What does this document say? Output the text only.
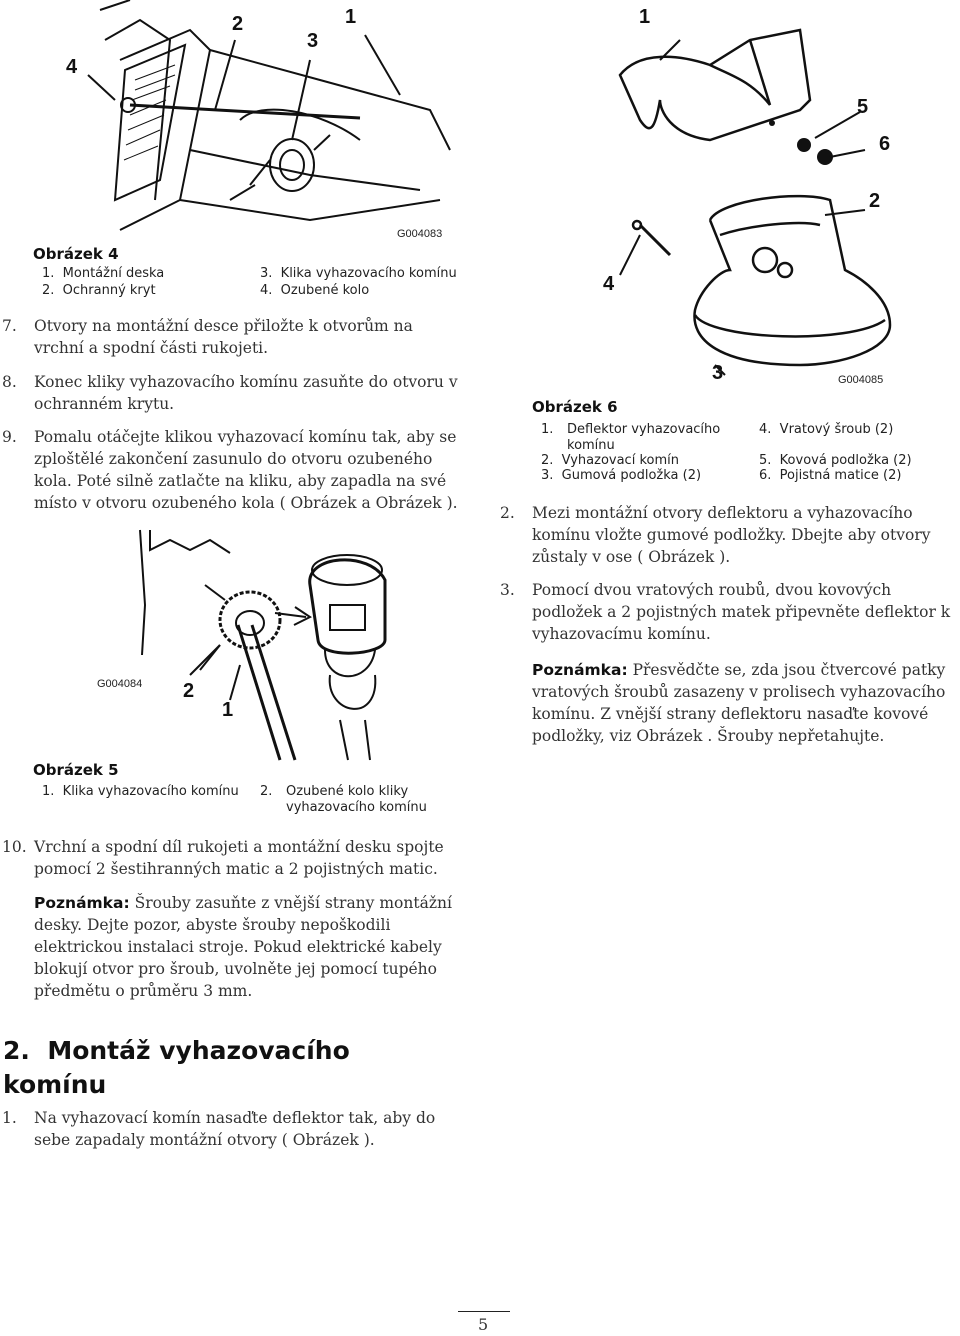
4
2
3
1
G004083
Obrázek 4
1. Montážní deska
2. Ochranný kryt
3. Klika vyhazovacího komínu
4. Ozubené kolo
7. Otvory na montážní desce přiložte k otvorům na vrchní a spodní části rukojeti.
8. Konec kliky vyhazovacího komínu zasuňte do otvoru v ochranném krytu.
9. Pomalu otáčejte klikou vyhazovací komínu tak, aby se zploštělé zakončení zasunulo do otvoru ozubeného kola. Poté silně zatlačte na kliku, aby zapadla na své místo v otvoru ozubeného kola ( Obrázek a Obrázek ).
G004084 2
1
Obrázek 5
1. Klika vyhazovacího komínu 2. Ozubené kolo kliky vyhazovacího komínu
10. Vrchní a spodní díl rukojeti a montážní desku spojte pomocí 2 šestihranných matic a 2 pojistných matic.
Poznámka: Šrouby zasuňte z vnější strany montážní desky. Dejte pozor, abyste šrouby nepoškodili elektrickou instalaci stroje. Pokud elektrické kabely blokují otvor pro šroub, uvolněte jej pomocí tupého předmětu o průměru 3 mm.
2. Montáž vyhazovacího komínu
1. Na vyhazovací komín nasaďte deflektor tak, aby do sebe zapadaly montážní otvory ( Obrázek ).
1
5
6
2
4
3	G004085
Obrázek 6
1. Deflektor vyhazovacího komínu
2. Vyhazovací komín
3. Gumová podložka (2)
4. Vratový šroub (2)
5. Kovová podložka (2)
6. Pojistná matice (2)
2. Mezi montážní otvory deflektoru a vyhazovacího komínu vložte gumové podložky. Dbejte aby otvory zůstaly v ose ( Obrázek ).
3. Pomocí dvou vratových roubů, dvou kovových podložek a 2 pojistných matek připevněte deflektor k vyhazovacímu komínu.
Poznámka: Přesvědčte se, zda jsou čtvercové patky vratových šroubů zasazeny v prolisech vyhazovacího komínu. Z vnější strany deflektoru nasaďte kovové podložky, viz Obrázek . Šrouby nepřetahujte.
5
